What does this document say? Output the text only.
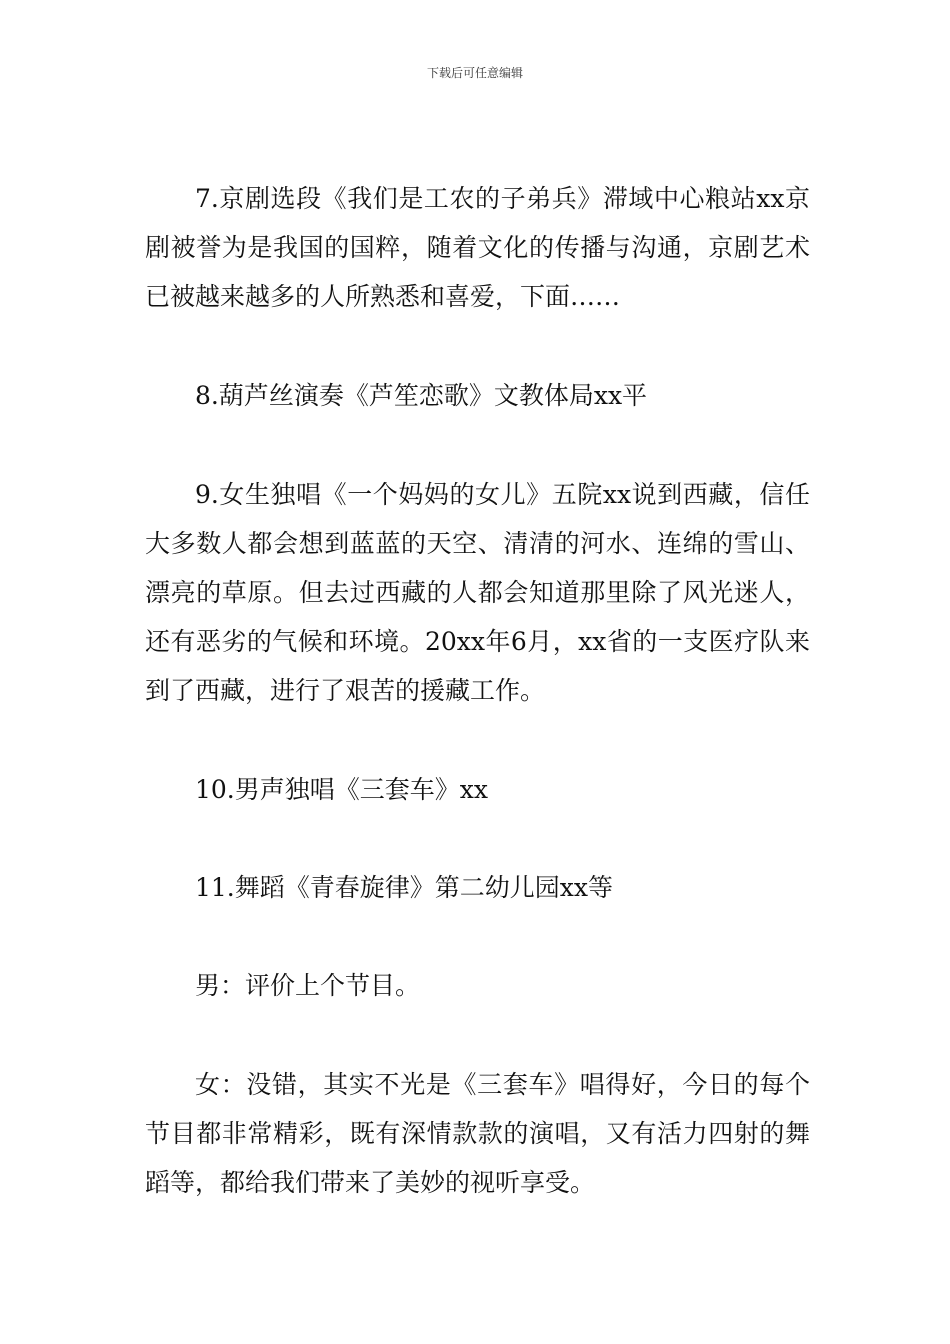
下载后可任意编辑

7.京剧选段《我们是工农的子弟兵》滞域中心粮站xx京剧被誉为是我国的国粹，随着文化的传播与沟通，京剧艺术已被越来越多的人所熟悉和喜爱，下面……

8.葫芦丝演奏《芦笙恋歌》文教体局xx平

9.女生独唱《一个妈妈的女儿》五院xx说到西藏，信任大多数人都会想到蓝蓝的天空、清清的河水、连绵的雪山、漂亮的草原。但去过西藏的人都会知道那里除了风光迷人，还有恶劣的气候和环境。20xx年6月，xx省的一支医疗队来到了西藏，进行了艰苦的援藏工作。

10.男声独唱《三套车》xx

11.舞蹈《青春旋律》第二幼儿园xx等

男：评价上个节目。

女：没错，其实不光是《三套车》唱得好，今日的每个节目都非常精彩，既有深情款款的演唱，又有活力四射的舞蹈等，都给我们带来了美妙的视听享受。
